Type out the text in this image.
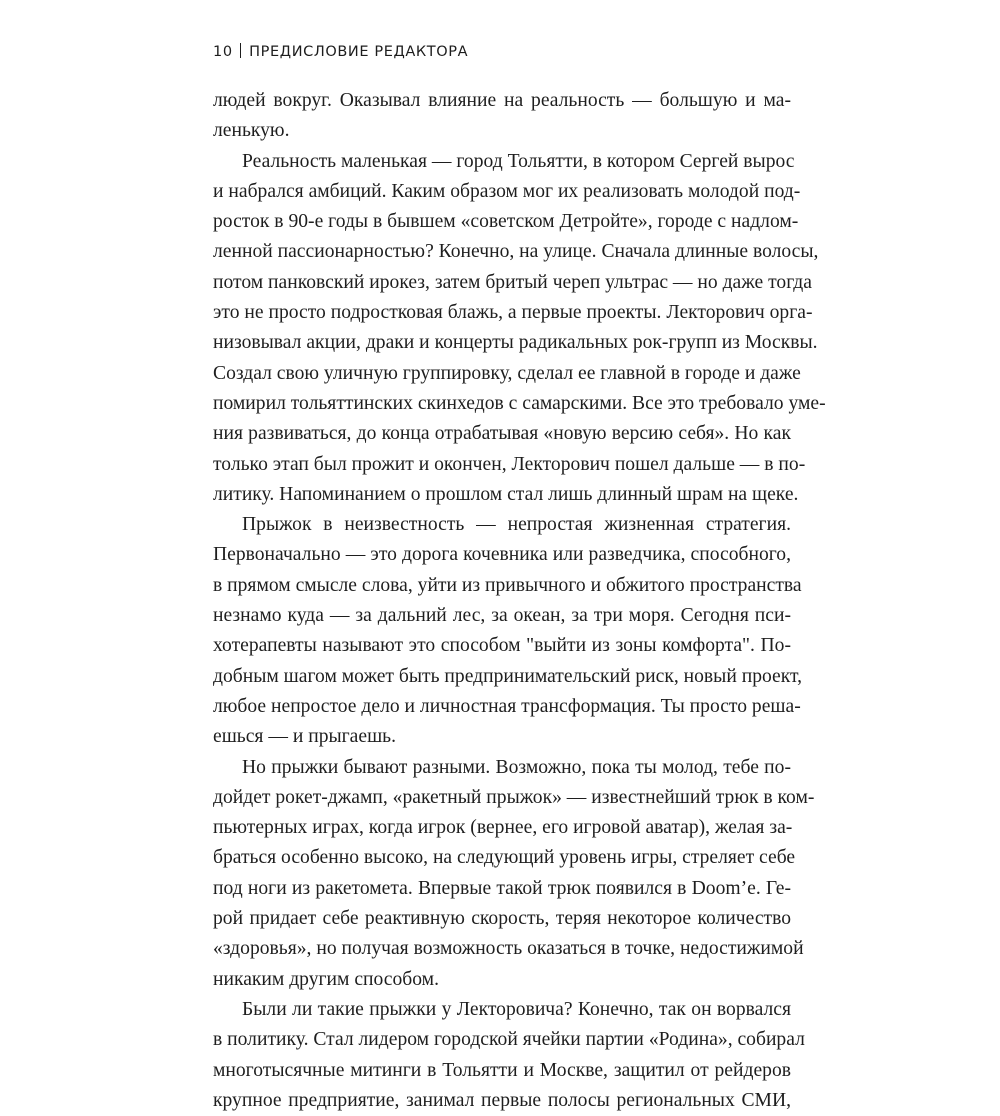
10 ПРЕДИСЛОВИЕ РЕДАКТОРА
людей вокруг. Оказывал влияние на реальность — большую и ма-
ленькую.
Реальность маленькая — город Тольятти, в котором Сергей вырос
и набрался амбиций. Каким образом мог их реализовать молодой под-
росток в 90-е годы в бывшем «советском Детройте», городе с надлом-
ленной пассионарностью? Конечно, на улице. Сначала длинные волосы,
потом панковский ирокез, затем бритый череп ультрас — но даже тогда
это не просто подростковая блажь, а первые проекты. Лекторович орга-
низовывал акции, драки и концерты радикальных рок-групп из Москвы.
Создал свою уличную группировку, сделал ее главной в городе и даже
помирил тольяттинских скинхедов с самарскими. Все это требовало уме-
ния развиваться, до конца отрабатывая «новую версию себя». Но как
только этап был прожит и окончен, Лекторович пошел дальше — в по-
литику. Напоминанием о прошлом стал лишь длинный шрам на щеке.
Прыжок в неизвестность — непростая жизненная стратегия.
Первоначально — это дорога кочевника или разведчика, способного,
в прямом смысле слова, уйти из привычного и обжитого пространства
незнамо куда — за дальний лес, за океан, за три моря. Сегодня пси-
хотерапевты называют это способом "выйти из зоны комфорта". По-
добным шагом может быть предпринимательский риск, новый проект,
любое непростое дело и личностная трансформация. Ты просто реша-
ешься — и прыгаешь.
Но прыжки бывают разными. Возможно, пока ты молод, тебе по-
дойдет рокет-джамп, «ракетный прыжок» — известнейший трюк в ком-
пьютерных играх, когда игрок (вернее, его игровой аватар), желая за-
браться особенно высоко, на следующий уровень игры, стреляет себе
под ноги из ракетомета. Впервые такой трюк появился в Doom’е. Ге-
рой придает себе реактивную скорость, теряя некоторое количество
«здоровья», но получая возможность оказаться в точке, недостижимой
никаким другим способом.
Были ли такие прыжки у Лекторовича? Конечно, так он ворвался
в политику. Стал лидером городской ячейки партии «Родина», собирал
многотысячные митинги в Тольятти и Москве, защитил от рейдеров
крупное предприятие, занимал первые полосы региональных СМИ,
